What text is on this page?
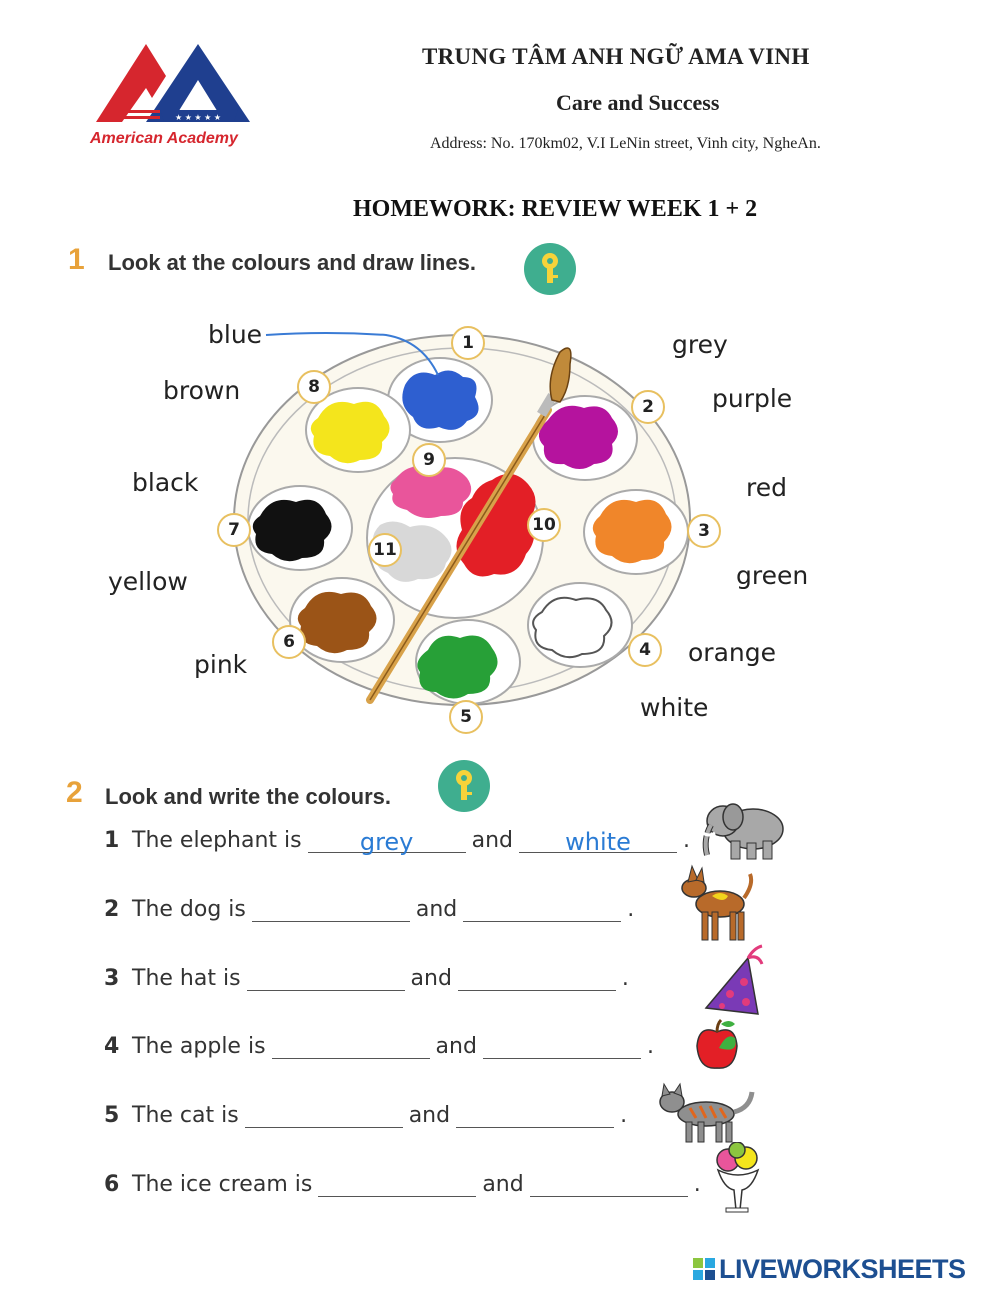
★ ★ ★ ★ ★
American Academy
TRUNG TÂM ANH NGỮ AMA VINH
Care and Success
Address: No. 170km02, V.I LeNin street, Vinh city, NgheAn.
HOMEWORK: REVIEW WEEK 1 + 2
1 Look at the colours and draw lines.
1
2
3
4
5
6
7
8
9
10
11
blue
brown
black
yellow
pink
grey
purple
red
green
orange
white
2 Look and write the colours.
1 The elephant is grey	and white .
2 The dog is	and	.
3 The hat is	and	.
4 The apple is	and	.
5 The cat is	and	.
6 The ice cream is	and	.
LIVEWORKSHEETS
